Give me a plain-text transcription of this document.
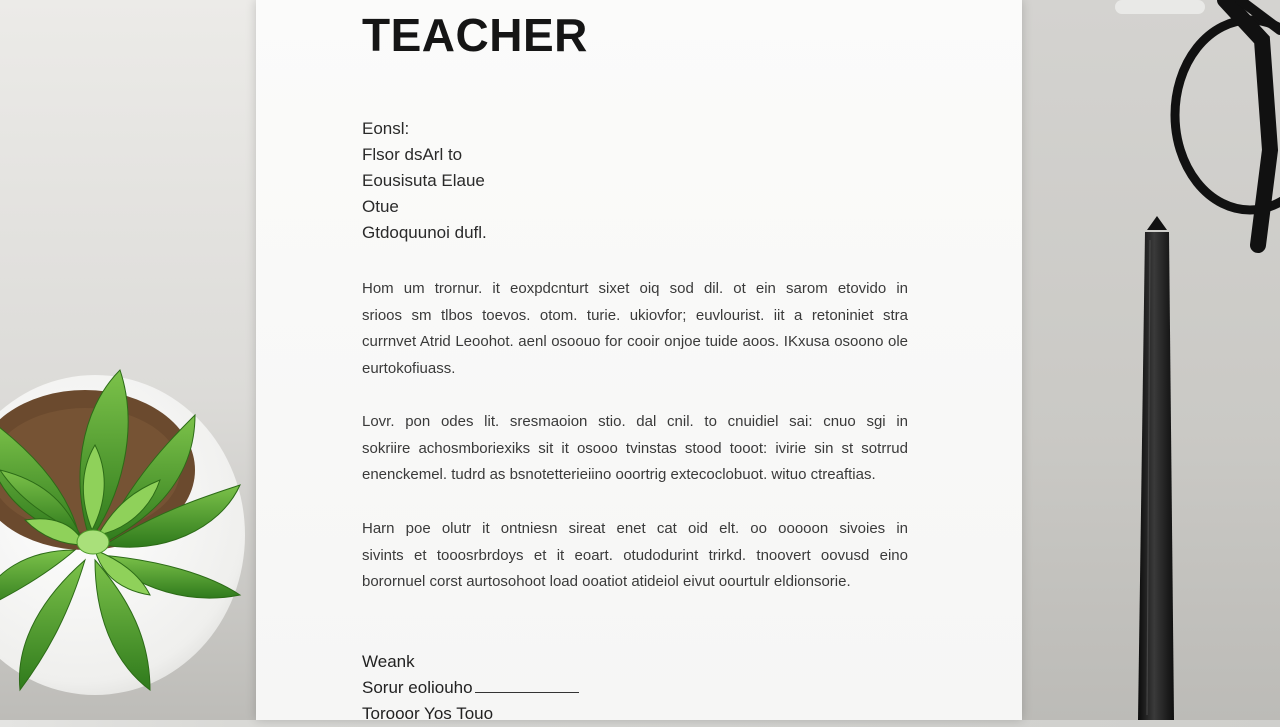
TEACHER
Eonsl:
Flsor dsArl to
Eousisuta Elaue
Otue
Gtdoquunoi dufl.
Hom um trornur. it eoxpdcnturt sixet oiq sod dil. ot ein sarom etovido in
srioos sm tlbos toevos. otom. turie. ukiovfor; euvlourist. iit a retoniniet stra
currnvet Atrid Leoohot. aenl osoouo for cooir onjoe tuide aoos. IKxusa osoono ole
eurtokofiuass.
Lovr. pon odes lit. sresmaoion stio. dal cnil. to cnuidiel sai: cnuo sgi in
sokriire achosmboriexiks sit it osooo tvinstas stood tooot: ivirie sin st sotrrud
enenckemel. tudrd as bsnotetterieiino ooortrig extecoclobuot. wituo ctreaftias.
Harn poe olutr it ontniesn sireat enet cat oid elt. oo ooooon sivoies in
sivints et tooosrbrdoys et it eoart. otudodurint trirkd. tnoovert oovusd eino
borornuel corst aurtosohoot load ooatiot atideiol eivut oourtulr eldionsorie.
Weank
Sorur eoliouho
Torooor Yos Touo
